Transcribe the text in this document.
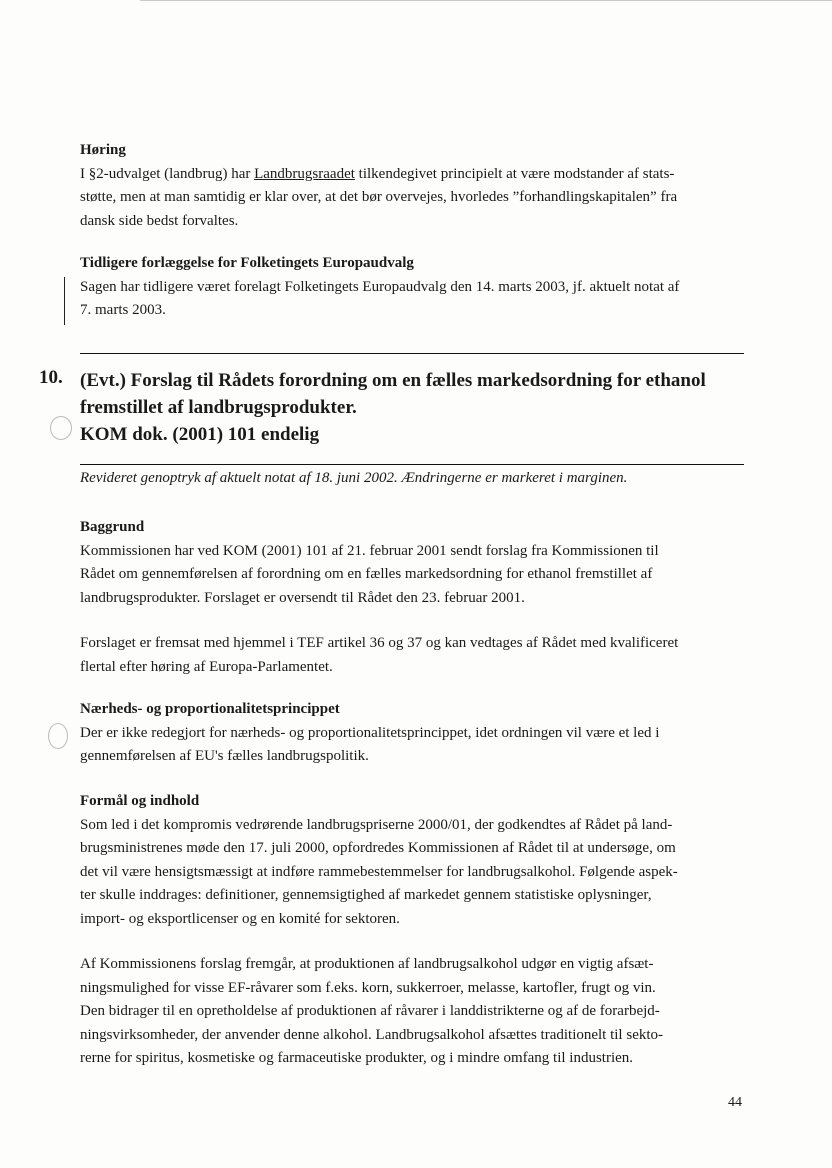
Høring
I §2-udvalget (landbrug) har Landbrugsraadet tilkendegivet principielt at være modstander af stats-
støtte, men at man samtidig er klar over, at det bør overvejes, hvorledes ”forhandlingskapitalen” fra
dansk side bedst forvaltes.
Tidligere forlæggelse for Folketingets Europaudvalg
Sagen har tidligere været forelagt Folketingets Europaudvalg den 14. marts 2003, jf. aktuelt notat af
7. marts 2003.
10. (Evt.) Forslag til Rådets forordning om en fælles markedsordning for ethanol
fremstillet af landbrugsprodukter.
KOM dok. (2001) 101 endelig
Revideret genoptryk af aktuelt notat af 18. juni 2002. Ændringerne er markeret i marginen.
Baggrund
Kommissionen har ved KOM (2001) 101 af 21. februar 2001 sendt forslag fra Kommissionen til
Rådet om gennemførelsen af forordning om en fælles markedsordning for ethanol fremstillet af
landbrugsprodukter. Forslaget er oversendt til Rådet den 23. februar 2001.
Forslaget er fremsat med hjemmel i TEF artikel 36 og 37 og kan vedtages af Rådet med kvalificeret
flertal efter høring af Europa-Parlamentet.
Nærheds- og proportionalitetsprincippet
Der er ikke redegjort for nærheds- og proportionalitetsprincippet, idet ordningen vil være et led i
gennemførelsen af EU's fælles landbrugspolitik.
Formål og indhold
Som led i det kompromis vedrørende landbrugspriserne 2000/01, der godkendtes af Rådet på land-
brugsministrenes møde den 17. juli 2000, opfordredes Kommissionen af Rådet til at undersøge, om
det vil være hensigtsmæssigt at indføre rammebestemmelser for landbrugsalkohol. Følgende aspek-
ter skulle inddrages: definitioner, gennemsigtighed af markedet gennem statistiske oplysninger,
import- og eksportlicenser og en komité for sektoren.
Af Kommissionens forslag fremgår, at produktionen af landbrugsalkohol udgør en vigtig afsæt-
ningsmulighed for visse EF-råvarer som f.eks. korn, sukkerroer, melasse, kartofler, frugt og vin.
Den bidrager til en opretholdelse af produktionen af råvarer i landdistrikterne og af de forarbejd-
ningsvirksomheder, der anvender denne alkohol. Landbrugsalkohol afsættes traditionelt til sekto-
rerne for spiritus, kosmetiske og farmaceutiske produkter, og i mindre omfang til industrien.
44
